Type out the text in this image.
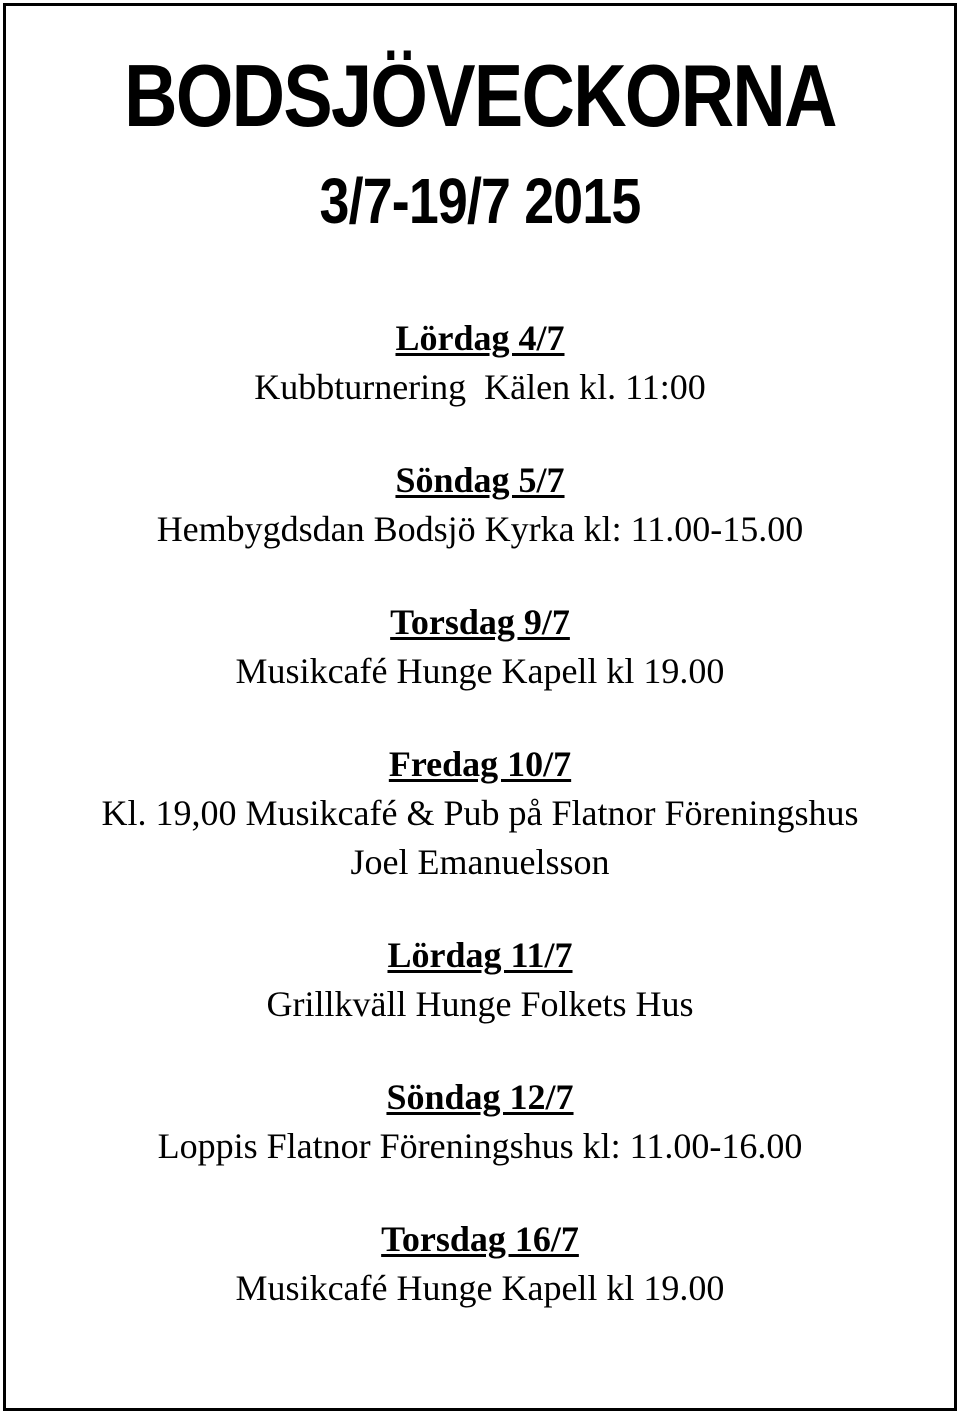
BODSJÖVECKORNA
3/7-19/7 2015
Lördag 4/7
Kubbturnering  Kälen kl. 11:00
Söndag 5/7
Hembygdsdan Bodsjö Kyrka kl: 11.00-15.00
Torsdag 9/7
Musikcafé Hunge Kapell kl 19.00
Fredag 10/7
Kl. 19,00 Musikcafé & Pub på Flatnor Föreningshus
Joel Emanuelsson
Lördag 11/7
Grillkväll Hunge Folkets Hus
Söndag 12/7
Loppis Flatnor Föreningshus kl: 11.00-16.00
Torsdag 16/7
Musikcafé Hunge Kapell kl 19.00
